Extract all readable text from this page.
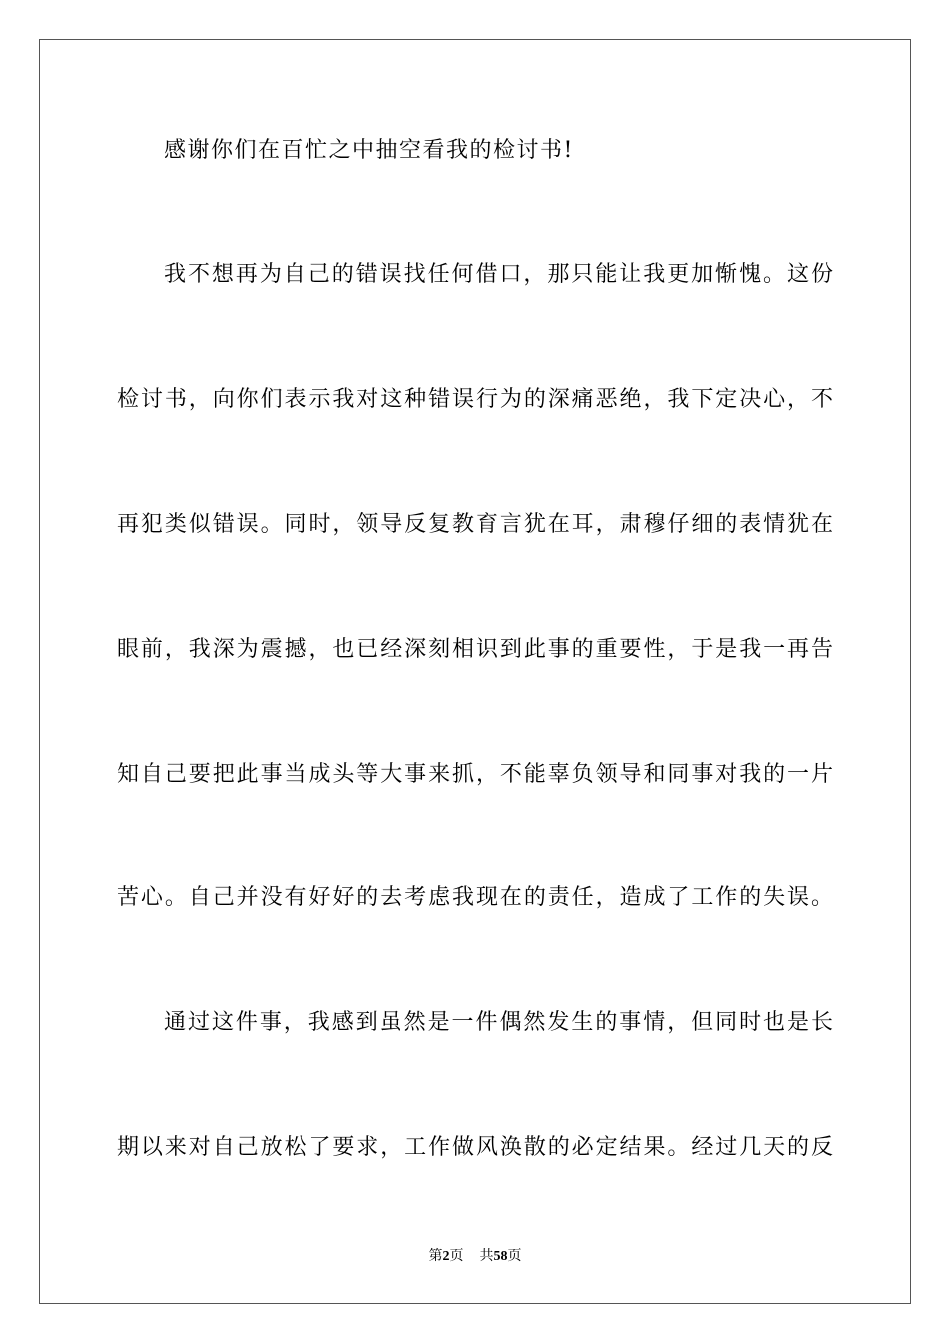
感谢你们在百忙之中抽空看我的检讨书!
我不想再为自己的错误找任何借口，那只能让我更加惭愧。这份
检讨书，向你们表示我对这种错误行为的深痛恶绝，我下定决心，不
再犯类似错误。同时，领导反复教育言犹在耳，肃穆仔细的表情犹在
眼前，我深为震撼，也已经深刻相识到此事的重要性，于是我一再告
知自己要把此事当成头等大事来抓，不能辜负领导和同事对我的一片
苦心。自己并没有好好的去考虑我现在的责任，造成了工作的失误。
通过这件事，我感到虽然是一件偶然发生的事情，但同时也是长
期以来对自己放松了要求，工作做风涣散的必定结果。经过几天的反
第2页 共58页
